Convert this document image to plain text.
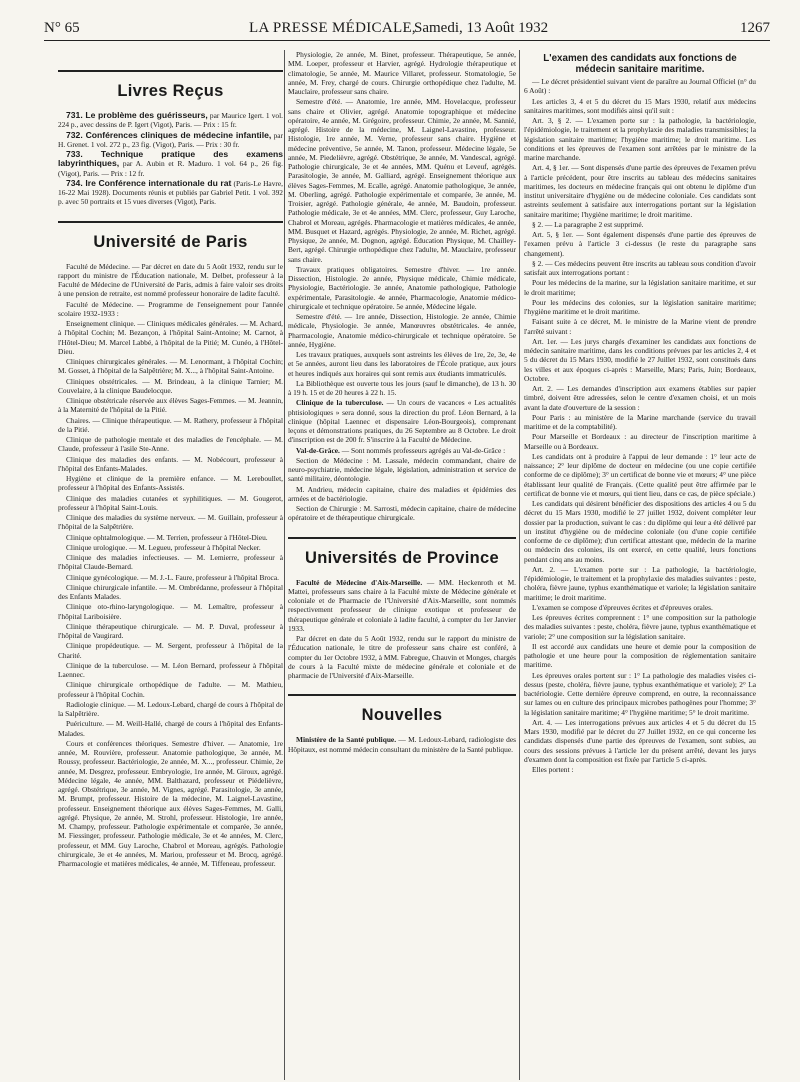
N° 65	LA PRESSE MÉDICALE,
Samedi, 13 Août 1932	1267
Livres Reçus

731. Le problème des guérisseurs, par Maurice Igert. 1 vol. 224 p., avec dessins de P. Igert (Vigot), Paris. — Prix : 15 fr.

732. Conférences cliniques de médecine infantile, par H. Grenet. 1 vol. 272 p., 23 fig. (Vigot), Paris. — Prix : 30 fr.

733. Technique pratique des examens labyrinthiques, par A. Aubin et R. Maduro. 1 vol. 64 p., 26 fig. (Vigot), Paris. — Prix : 12 fr.

734. Ire Conférence internationale du rat (Paris-Le Havre, 16-22 Mai 1928). Documents réunis et publiés par Gabriel Petit. 1 vol. 392 p. avec 50 portraits et 15 vues diverses (Vigot), Paris.

Université de Paris

Faculté de Médecine. — Par décret en date du 5 Août 1932, rendu sur le rapport du ministre de l'Éducation nationale, M. Delbet, professeur à la Faculté de Médecine de l'Université de Paris, admis à faire valoir ses droits à une pension de retraite, est nommé professeur honoraire de ladite faculté.

Faculté de Médecine. — Programme de l'enseignement pour l'année scolaire 1932-1933 :

Enseignement clinique. — Cliniques médicales générales. — M. Achard, à l'hôpital Cochin; M. Bezançon, à l'hôpital Saint-Antoine; M. Carnot, à l'Hôtel-Dieu; M. Marcel Labbé, à l'hôpital de la Pitié; M. Cunéo, à l'Hôtel-Dieu.

Cliniques chirurgicales générales. — M. Lenormant, à l'hôpital Cochin; M. Gosset, à l'hôpital de la Salpêtrière; M. X..., à l'hôpital Saint-Antoine.

Cliniques obstétricales. — M. Brindeau, à la clinique Tarnier; M. Couvelaire, à la clinique Baudelocque.

Clinique obstétricale réservée aux élèves Sages-Femmes. — M. Jeannin, à la Maternité de l'hôpital de la Pitié.

Chaires. — Clinique thérapeutique. — M. Rathery, professeur à l'hôpital de la Pitié.

Clinique de pathologie mentale et des maladies de l'encéphale. — M. Claude, professeur à l'asile Ste-Anne.

Clinique des maladies des enfants. — M. Nobécourt, professeur à l'hôpital des Enfants-Malades.

Hygiène et clinique de la première enfance. — M. Lereboullet, professeur à l'hôpital des Enfants-Assistés.

Clinique des maladies cutanées et syphilitiques. — M. Gougerot, professeur à l'hôpital Saint-Louis.

Clinique des maladies du système nerveux. — M. Guillain, professeur à l'hôpital de la Salpêtrière.

Clinique ophtalmologique. — M. Terrien, professeur à l'Hôtel-Dieu.

Clinique urologique. — M. Legueu, professeur à l'hôpital Necker.

Clinique des maladies infectieuses. — M. Lemierre, professeur à l'hôpital Claude-Bernard.

Clinique gynécologique. — M. J.-L. Faure, professeur à l'hôpital Broca.

Clinique chirurgicale infantile. — M. Ombrédanne, professeur à l'hôpital des Enfants Malades.

Clinique oto-rhino-laryngologique. — M. Lemaître, professeur à l'hôpital Lariboisière.

Clinique thérapeutique chirurgicale. — M. P. Duval, professeur à l'hôpital de Vaugirard.

Clinique propédeutique. — M. Sergent, professeur à l'hôpital de la Charité.

Clinique de la tuberculose. — M. Léon Bernard, professeur à l'hôpital Laennec.

Clinique chirurgicale orthopédique de l'adulte. — M. Mathieu, professeur à l'hôpital Cochin.

Radiologie clinique. — M. Ledoux-Lebard, chargé de cours à l'hôpital de la Salpêtrière.

Puériculture. — M. Weill-Hallé, chargé de cours à l'hôpital des Enfants-Malades.

Cours et conférences théoriques. Semestre d'hiver. — Anatomie, 1re année, M. Rouvière, professeur. Anatomie pathologique, 3e année, M. Roussy, professeur. Bactériologie, 2e année, M. X..., professeur. Chimie, 2e année, M. Desgrez, professeur. Embryologie, 1re année, M. Giroux, agrégé. Médecine légale, 4e année, MM. Balthazard, professeur et Piédelièvre, agrégé. Obstétrique, 3e année, M. Vignes, agrégé. Parasitologie, 3e année, M. Brumpt, professeur. Histoire de la médecine, M. Laignel-Lavastine, professeur. Enseignement théorique aux élèves Sages-Femmes, M. Galli, agrégé. Physique, 2e année, M. Strohl, professeur. Histologie, 1re année, M. Champy, professeur. Pathologie expérimentale et comparée, 3e année, M. Fiessinger, professeur. Pathologie médicale, 3e et 4e années, M. Clerc, professeur, et MM. Guy Laroche, Chabrol et Moreau, agrégés. Pathologie chirurgicale, 3e et 4e années, M. Mariou, professeur et M. Brocq, agrégé. Pharmacologie et matières médicales, 4e année, M. Tiffeneau, professeur.

Physiologie, 2e année, M. Binet, professeur. Thérapeutique, 5e année, MM. Loeper, professeur et Harvier, agrégé. Hydrologie thérapeutique et climatologie, 5e année, M. Maurice Villaret, professeur. Stomatologie, 5e année, M. Frey, chargé de cours. Chirurgie orthopédique chez l'adulte, M. Mauclaire, professeur sans chaire.

Semestre d'été. — Anatomie, 1re année, MM. Hovelacque, professeur sans chaire et Olivier, agrégé. Anatomie topographique et médecine opératoire, 4e année, M. Grégoire, professeur. Chimie, 2e année, M. Sannié, agrégé. Histoire de la médecine, M. Laignel-Lavastine, professeur. Histologie, 1re année, M. Verne, professeur sans chaire. Hygiène et médecine préventive, 5e année, M. Tanon, professeur. Médecine légale, 5e année, M. Piedelièvre, agrégé. Obstétrique, 3e année, M. Vandescal, agrégé. Pathologie chirurgicale, 3e et 4e années, MM. Quénu et Leveuf, agrégés. Parasitologie, 3e année, M. Galliard, agrégé. Enseignement théorique aux élèves Sages-Femmes, M. Ecalle, agrégé. Anatomie pathologique, 3e année, M. Oberling, agrégé. Pathologie expérimentale et comparée, 3e année, M. Troisier, agrégé. Pathologie générale, 4e année, M. Baudoin, professeur. Pathologie médicale, 3e et 4e années, MM. Clerc, professeur, Guy Laroche, Chabrol et Moreau, agrégés. Pharmacologie et matières médicales, 4e année, MM. Busquet et Hazard, agrégés. Physiologie, 2e année, M. Richet, agrégé. Physique, 2e année, M. Dognon, agrégé. Éducation Physique, M. Chailley-Bert, agrégé. Chirurgie orthopédique chez l'adulte, M. Mauclaire, professeur sans chaire.

Travaux pratiques obligatoires. Semestre d'hiver. — 1re année. Dissection, Histologie. 2e année, Physique médicale, Chimie médicale, Physiologie, Bactériologie. 3e année, Anatomie pathologique, Pathologie expérimentale, Parasitologie. 4e année, Pharmacologie, Anatomie médico-chirurgicale et technique opératoire. 5e année, Médecine légale.

Semestre d'été. — 1re année, Dissection, Histologie. 2e année, Chimie médicale, Physiologie. 3e année, Manœuvres obstétricales. 4e année, Pharmacologie, Anatomie médico-chirurgicale et technique opératoire. 5e année, Hygiène.

Les travaux pratiques, auxquels sont astreints les élèves de 1re, 2e, 3e, 4e et 5e années, auront lieu dans les laboratoires de l'École pratique, aux jours et heures indiqués aux horaires qui sont remis aux étudiants immatriculés.

La Bibliothèque est ouverte tous les jours (sauf le dimanche), de 13 h. 30 à 19 h. 15 et de 20 heures à 22 h. 15.

Clinique de la tuberculose. — Un cours de vacances « Les actualités phtisiologiques » sera donné, sous la direction du prof. Léon Bernard, à la clinique (hôpital Laennec et dispensaire Léon-Bourgeois), comprenant leçons et démonstrations pratiques, du 26 Septembre au 8 Octobre. Le droit d'inscription est de 200 fr. S'inscrire à la Faculté de Médecine.

Val-de-Grâce. — Sont nommés professeurs agrégés au Val-de-Grâce :

Section de Médecine : M. Lassale, médecin commandant, chaire de neuro-psychiatrie, médecine légale, législation, administration et service de santé militaire, déontologie.

M. Andrieu, médecin capitaine, chaire des maladies et épidémies des armées et de bactériologie.

Section de Chirurgie : M. Sarrosti, médecin capitaine, chaire de médecine opératoire et de thérapeutique chirurgicale.

Universités de Province

Faculté de Médecine d'Aix-Marseille. — MM. Heckenroth et M. Mattei, professeurs sans chaire à la Faculté mixte de Médecine générale et coloniale et de Pharmacie de l'Université d'Aix-Marseille, sont nommés respectivement professeur de clinique exotique et professeur de thérapeutique générale et coloniale à ladite faculté, à compter du 1er Janvier 1933.

Par décret en date du 5 Août 1932, rendu sur le rapport du ministre de l'Éducation nationale, le titre de professeur sans chaire est conféré, à compter du 1er Octobre 1932, à MM. Fabregue, Chauvin et Monges, chargés de cours à la Faculté mixte de médecine générale et coloniale et de pharmacie de l'Université d'Aix-Marseille.

Nouvelles

Ministère de la Santé publique. — M. Ledoux-Lebard, radiologiste des Hôpitaux, est nommé médecin consultant du ministère de la Santé publique.

L'examen des candidats aux fonctions de médecin sanitaire maritime.

— Le décret présidentiel suivant vient de paraître au Journal Officiel (n° du 6 Août) :

Les articles 3, 4 et 5 du décret du 15 Mars 1930, relatif aux médecins sanitaires maritimes, sont modifiés ainsi qu'il suit :

Art. 3, § 2. — L'examen porte sur : la pathologie, la bactériologie, l'épidémiologie, le traitement et la prophylaxie des maladies transmissibles; la législation sanitaire maritime; l'hygiène maritime; le droit maritime. Les conditions et les épreuves de l'examen sont arrêtées par le ministre de la marine marchande.

Art. 4, § 1er. — Sont dispensés d'une partie des épreuves de l'examen prévu à l'article précédent, pour être inscrits au tableau des médecins sanitaires maritimes, les docteurs en médecine français qui ont obtenu le diplôme d'un institut universitaire d'hygiène ou de médecine coloniale. Ces candidats sont astreints seulement à satisfaire aux interrogations portant sur la législation sanitaire maritime; l'hygiène maritime; le droit maritime.

§ 2. — La paragraphe 2 est supprimé.

Art. 5, § 1er. — Sont également dispensés d'une partie des épreuves de l'examen prévu à l'article 3 ci-dessus (le reste du paragraphe sans changement).

§ 2. — Ces médecins peuvent être inscrits au tableau sous condition d'avoir satisfait aux interrogations portant :

Pour les médecins de la marine, sur la législation sanitaire maritime, et sur le droit maritime;

Pour les médecins des colonies, sur la législation sanitaire maritime; l'hygiène maritime et le droit maritime.

Faisant suite à ce décret, M. le ministre de la Marine vient de prendre l'arrêté suivant :

Art. 1er. — Les jurys chargés d'examiner les candidats aux fonctions de médecin sanitaire maritime, dans les conditions prévues par les articles 2, 4 et 5 du décret du 15 Mars 1930, modifié le 27 Juillet 1932, sont constitués dans les villes et aux époques ci-après : Marseille, Mars; Paris, Juin; Bordeaux, Octobre.

Art. 2. — Les demandes d'inscription aux examens établies sur papier timbré, doivent être adressées, selon le centre d'examen choisi, et un mois avant la date d'ouverture de la session :

Pour Paris : au ministère de la Marine marchande (service du travail maritime et de la comptabilité).

Pour Marseille et Bordeaux : au directeur de l'inscription maritime à Marseille ou à Bordeaux.

Les candidats ont à produire à l'appui de leur demande : 1° leur acte de naissance; 2° leur diplôme de docteur en médecine (ou une copie certifiée conforme de ce diplôme); 3° un certificat de bonne vie et mœurs; 4° une pièce établissant leur qualité de Français. (Cette qualité peut être affirmée par le certificat de bonne vie et mœurs, qui tient lieu, dans ce cas, de pièce spéciale.)

Les candidats qui désirent bénéficier des dispositions des articles 4 ou 5 du décret du 15 Mars 1930, modifié le 27 juillet 1932, doivent compléter leur dossier par la production, suivant le cas : du diplôme qui leur a été délivré par un institut d'hygiène ou de médecine coloniale (ou d'une copie certifiée conforme de ce diplôme); d'un certificat attestant que, médecin de la marine ou médecin des colonies, ils ont exercé, en cette qualité, leurs fonctions pendant cinq ans au moins.

Art. 2. — L'examen porte sur : La pathologie, la bactériologie, l'épidémiologie, le traitement et la prophylaxie des maladies suivantes : peste, choléra, fièvre jaune, typhus exanthématique et variole; la législation sanitaire maritime; le droit maritime.

L'examen se compose d'épreuves écrites et d'épreuves orales.

Les épreuves écrites comprennent : 1° une composition sur la pathologie des maladies suivantes : peste, choléra, fièvre jaune, typhus exanthématique et variole; 2° une composition sur la législation sanitaire.

Il est accordé aux candidats une heure et demie pour la composition de pathologie et une heure pour la composition de réglementation sanitaire maritime.

Les épreuves orales portent sur : 1° La pathologie des maladies visées ci-dessus (peste, choléra, fièvre jaune, typhus exanthématique et variole); 2° La bactériologie. Cette dernière épreuve comprend, en outre, la reconnaissance sur lames ou en culture des principaux microbes pathogènes pour l'homme; 3° la législation sanitaire maritime; 4° l'hygiène maritime; 5° le droit maritime.

Art. 4. — Les interrogations prévues aux articles 4 et 5 du décret du 15 Mars 1930, modifié par le décret du 27 Juillet 1932, en ce qui concerne les candidats dispensés d'une partie des épreuves de l'examen, sont subies, au cours des sessions prévues à l'article 1er du présent arrêté, devant les jurys d'examen dont la composition est fixée par l'article 5 ci-après.

Elles portent :
